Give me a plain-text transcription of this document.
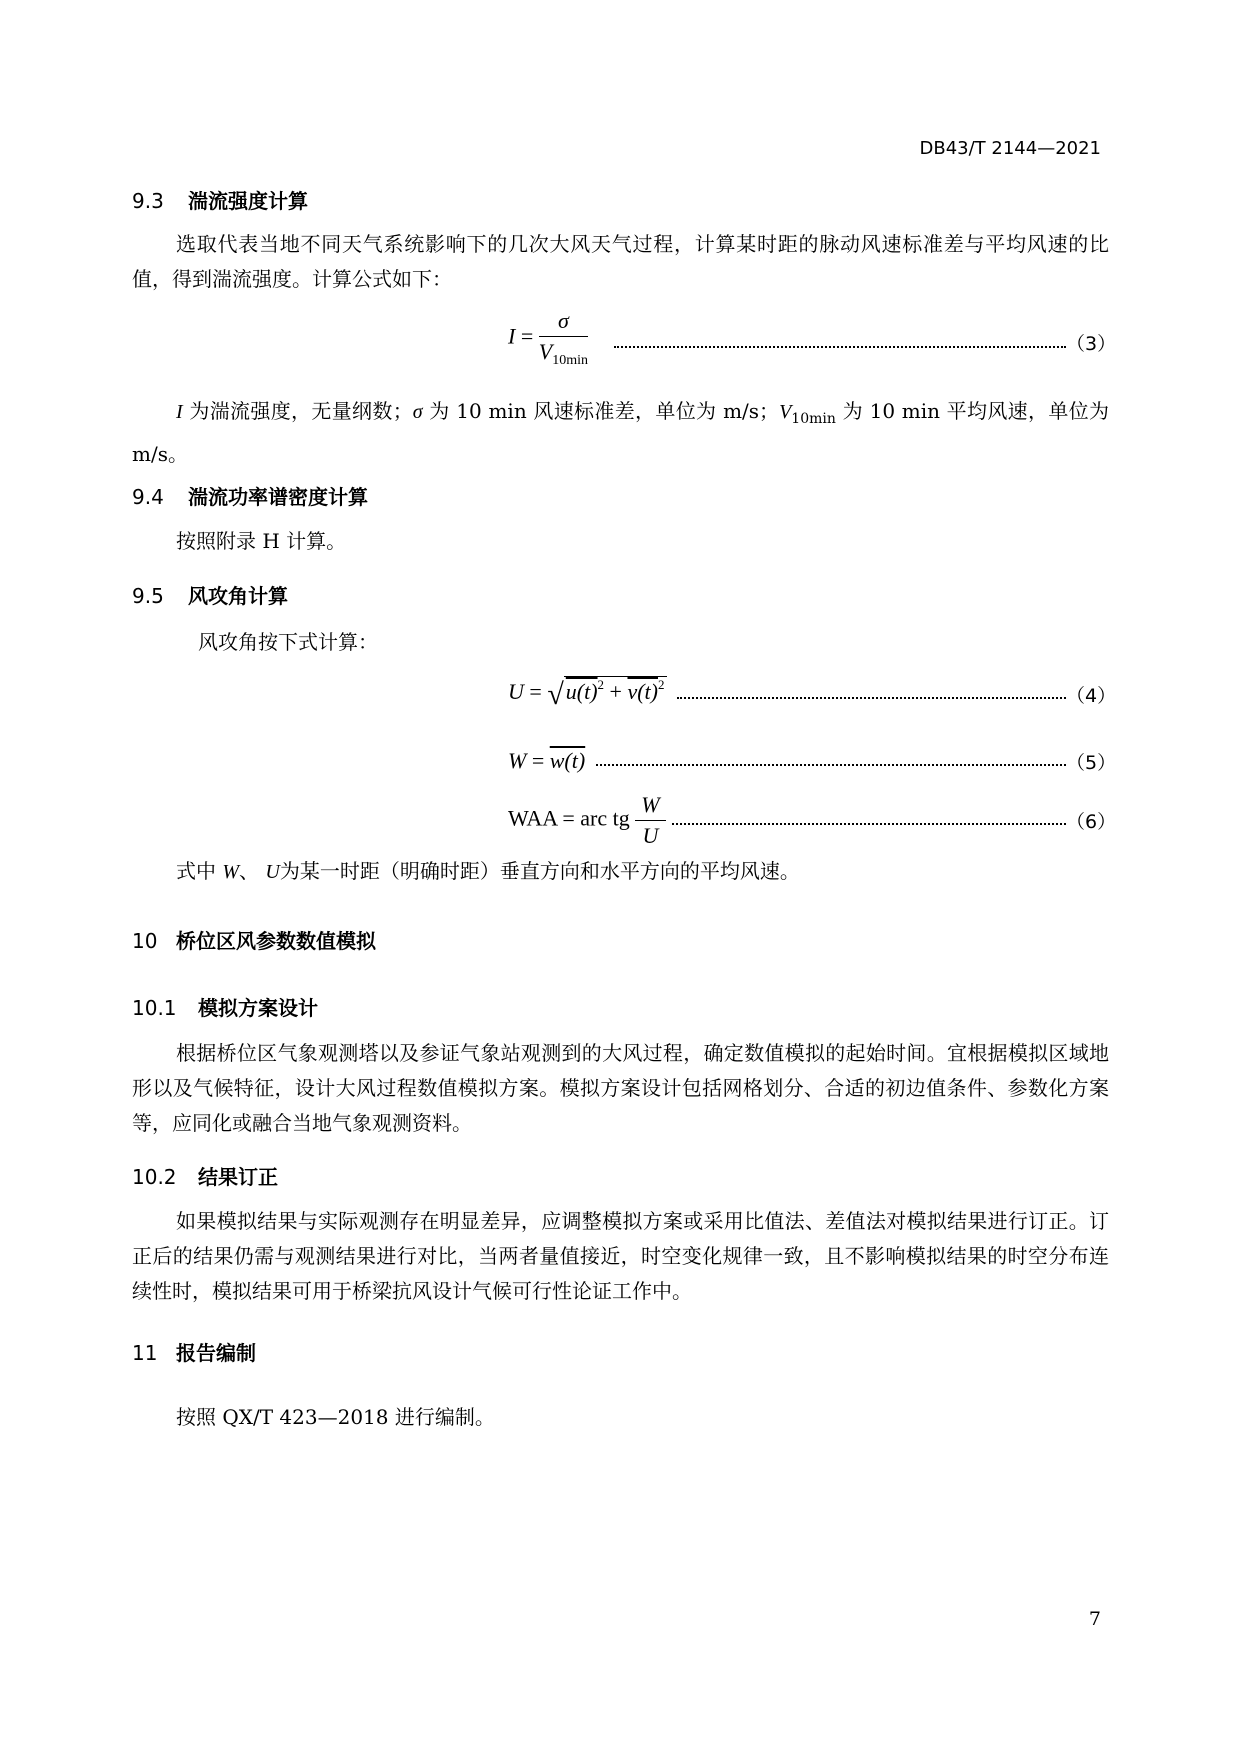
DB43/T 2144—2021
9.3 湍流强度计算
选取代表当地不同天气系统影响下的几次大风天气过程，计算某时距的脉动风速标准差与平均风速的比值，得到湍流强度。计算公式如下：
$I = \frac{\sigma}{V_{10min}}$	（3）
I 为湍流强度，无量纲数；σ 为 10 min 风速标准差，单位为 m/s；$V_{10min}$ 为 10 min 平均风速，单位为 m/s。
9.4 湍流功率谱密度计算
按照附录 H 计算。
9.5 风攻角计算
风攻角按下式计算：
$U = √u(t)^2 + v(t)^2$
（4）
W = w(t)	（5）
WAA = arc tg $\frac{W}{U}$	（6）
式中 W、 U为某一时距（明确时距）垂直方向和水平方向的平均风速。
10 桥位区风参数数值模拟
10.1 模拟方案设计
根据桥位区气象观测塔以及参证气象站观测到的大风过程，确定数值模拟的起始时间。宜根据模拟区域地形以及气候特征，设计大风过程数值模拟方案。模拟方案设计包括网格划分、合适的初边值条件、参数化方案等，应同化或融合当地气象观测资料。
10.2 结果订正
如果模拟结果与实际观测存在明显差异，应调整模拟方案或采用比值法、差值法对模拟结果进行订正。订正后的结果仍需与观测结果进行对比，当两者量值接近，时空变化规律一致，且不影响模拟结果的时空分布连续性时，模拟结果可用于桥梁抗风设计气候可行性论证工作中。
11 报告编制
按照 QX/T 423—2018 进行编制。
7
